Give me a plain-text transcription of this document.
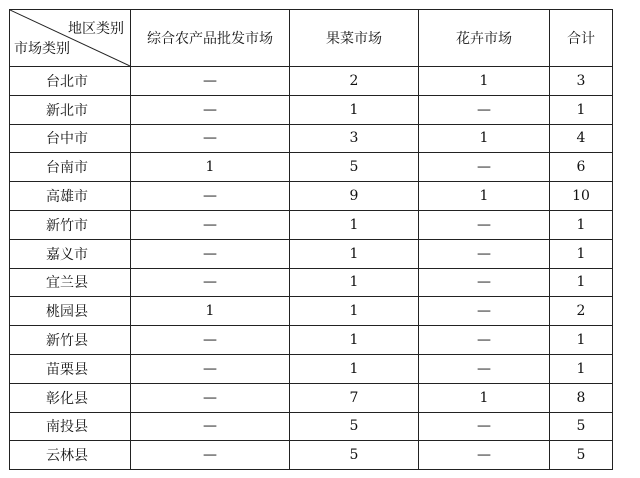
地区类别
市场类别	综合农产品批发市场	果菜市场	花卉市场	合计
台北市	—	2	1	3
新北市	—	1	—	1
台中市	—	3	1	4
台南市	1	5	—	6
高雄市	—	9	1	10
新竹市	—	1	—	1
嘉义市	—	1	—	1
宜兰县	—	1	—	1
桃园县	1	1	—	2
新竹县	—	1	—	1
苗栗县	—	1	—	1
彰化县	—	7	1	8
南投县	—	5	—	5
云林县	—	5	—	5
